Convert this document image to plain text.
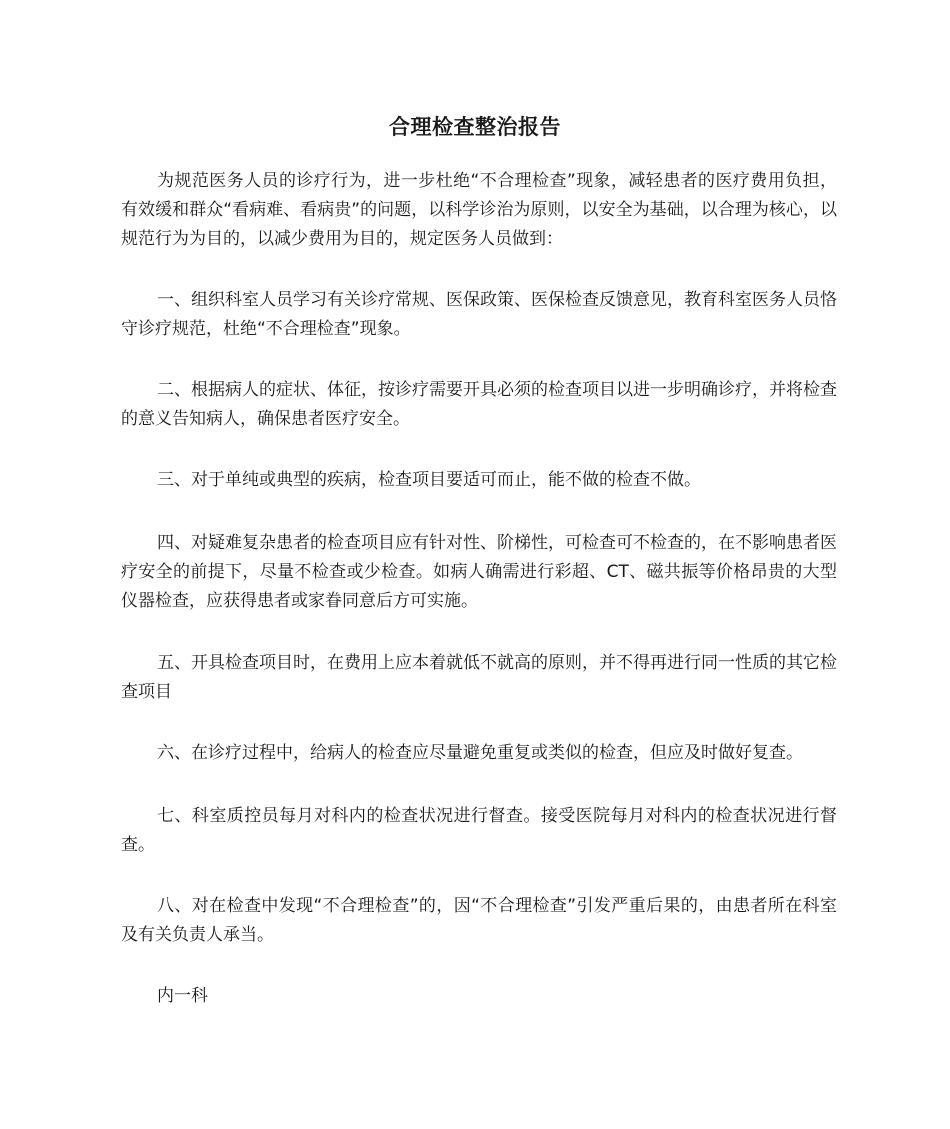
合理检查整治报告

为规范医务人员的诊疗行为，进一步杜绝“不合理检查”现象，减轻患者的医疗费用负担，有效缓和群众“看病难、看病贵”的问题，以科学诊治为原则，以安全为基础，以合理为核心，以规范行为为目的，以减少费用为目的，规定医务人员做到：

一、组织科室人员学习有关诊疗常规、医保政策、医保检查反馈意见，教育科室医务人员恪守诊疗规范，杜绝“不合理检查”现象。

二、根据病人的症状、体征，按诊疗需要开具必须的检查项目以进一步明确诊疗，并将检查的意义告知病人，确保患者医疗安全。

三、对于单纯或典型的疾病，检查项目要适可而止，能不做的检查不做。

四、对疑难复杂患者的检查项目应有针对性、阶梯性，可检查可不检查的，在不影响患者医疗安全的前提下，尽量不检查或少检查。如病人确需进行彩超、CT、磁共振等价格昂贵的大型仪器检查，应获得患者或家眷同意后方可实施。

五、开具检查项目时，在费用上应本着就低不就高的原则，并不得再进行同一性质的其它检查项目

六、在诊疗过程中，给病人的检查应尽量避免重复或类似的检查，但应及时做好复查。

七、科室质控员每月对科内的检查状况进行督查。接受医院每月对科内的检查状况进行督查。

八、对在检查中发现“不合理检查”的，因“不合理检查”引发严重后果的，由患者所在科室及有关负责人承当。

内一科
